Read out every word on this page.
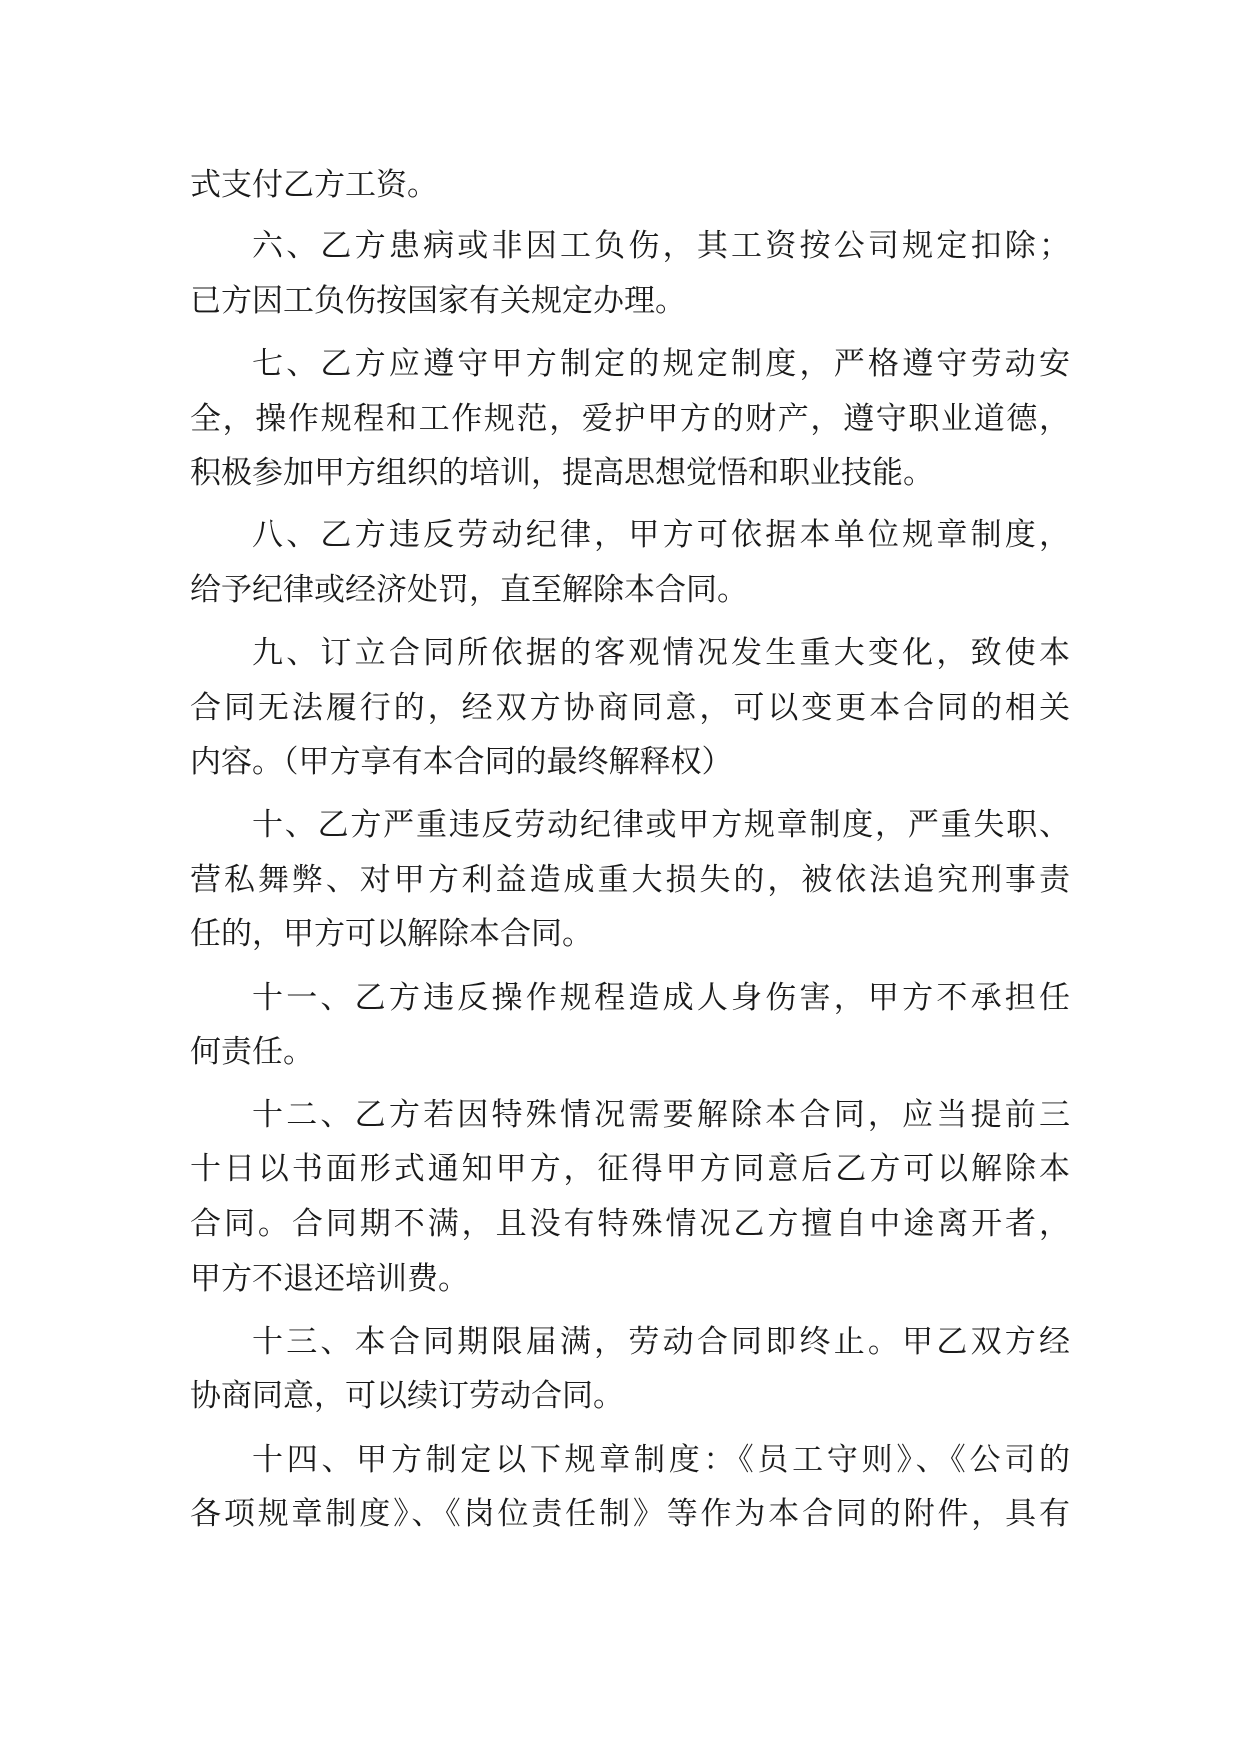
式支付乙方工资。
六、乙方患病或非因工负伤，其工资按公司规定扣除；
已方因工负伤按国家有关规定办理。
七、乙方应遵守甲方制定的规定制度，严格遵守劳动安
全，操作规程和工作规范，爱护甲方的财产，遵守职业道德，
积极参加甲方组织的培训，提高思想觉悟和职业技能。
八、乙方违反劳动纪律，甲方可依据本单位规章制度，
给予纪律或经济处罚，直至解除本合同。
九、订立合同所依据的客观情况发生重大变化，致使本
合同无法履行的，经双方协商同意，可以变更本合同的相关
内容。（甲方享有本合同的最终解释权）
十、乙方严重违反劳动纪律或甲方规章制度，严重失职、
营私舞弊、对甲方利益造成重大损失的，被依法追究刑事责
任的，甲方可以解除本合同。
十一、乙方违反操作规程造成人身伤害，甲方不承担任
何责任。
十二、乙方若因特殊情况需要解除本合同，应当提前三
十日以书面形式通知甲方，征得甲方同意后乙方可以解除本
合同。合同期不满，且没有特殊情况乙方擅自中途离开者，
甲方不退还培训费。
十三、本合同期限届满，劳动合同即终止。甲乙双方经
协商同意，可以续订劳动合同。
十四、甲方制定以下规章制度：《员工守则》、《公司的
各项规章制度》、《岗位责任制》等作为本合同的附件，具有
